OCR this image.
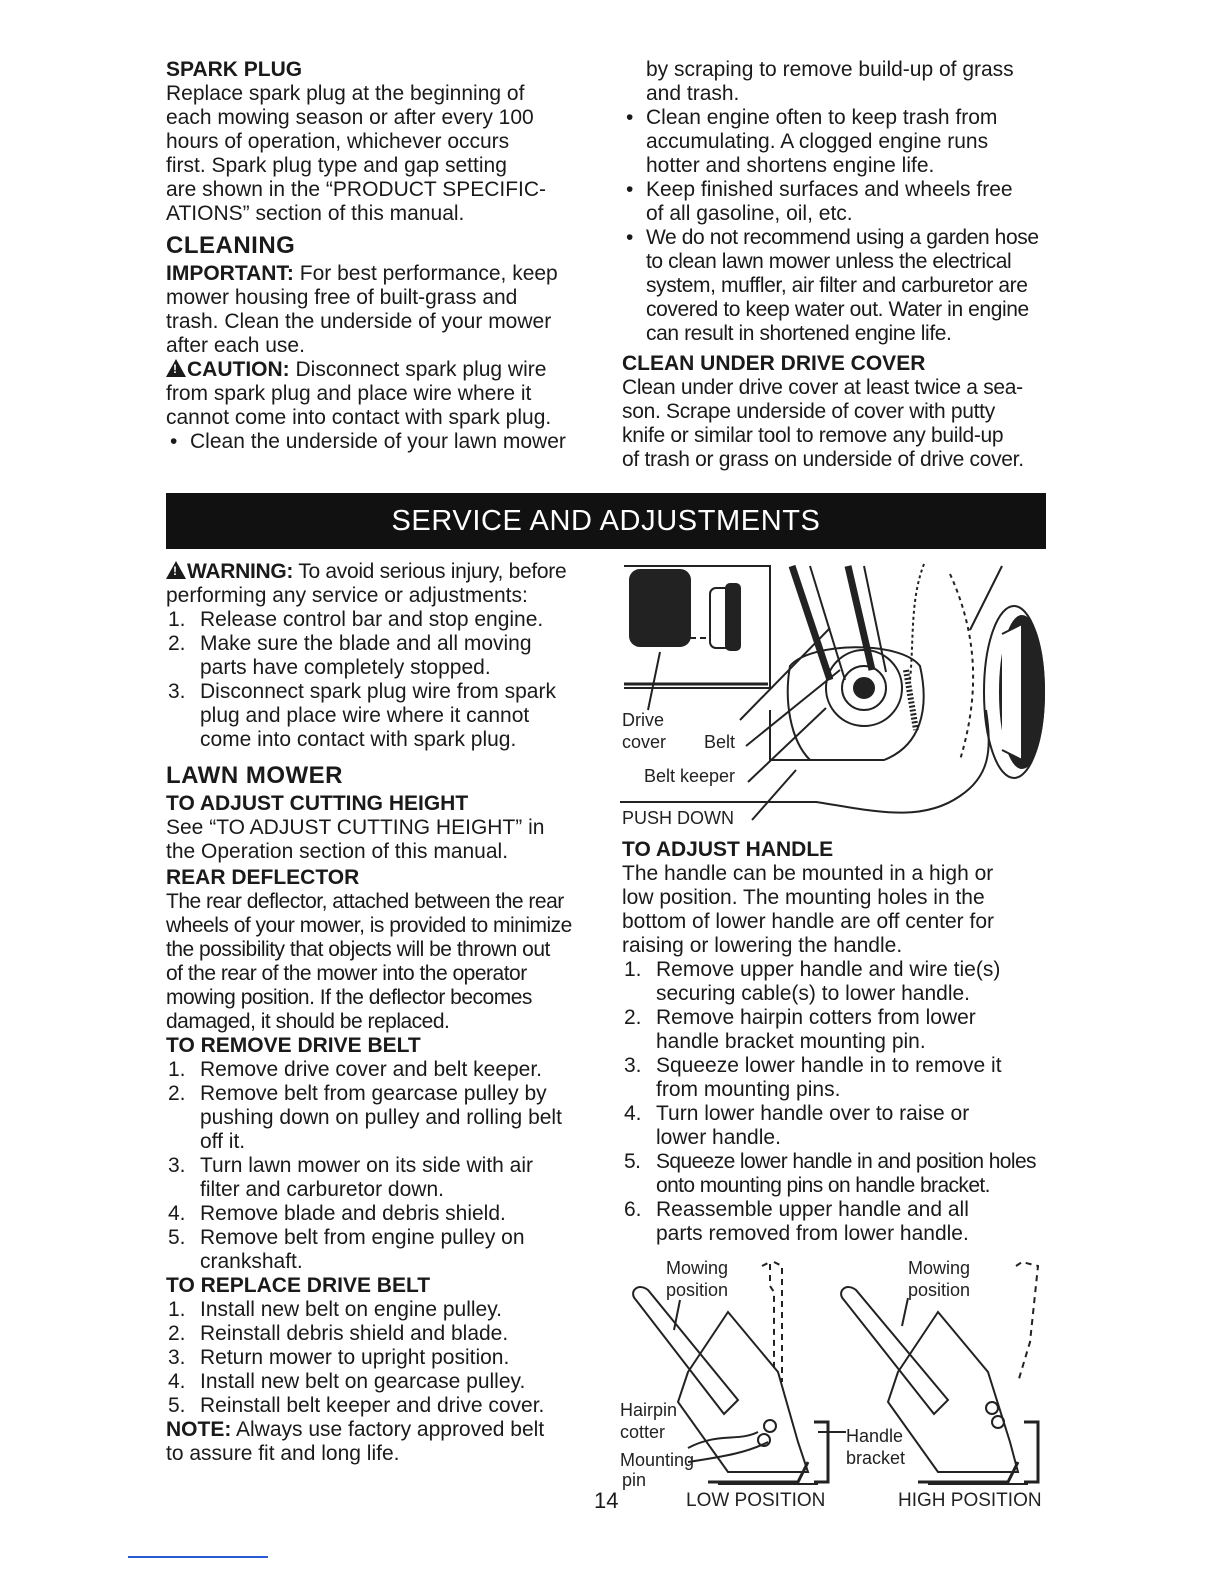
SPARK PLUG

Replace spark plug at the beginning of

each mowing season or after every 100

hours of operation, whichever occurs

first. Spark plug type and gap setting

are shown in the “PRODUCT SPECIFIC-

ATIONS” section of this manual.

CLEANING

IMPORTANT: For best performance, keep

mower housing free of built-grass and

trash. Clean the underside of your mower

after each use.

!CAUTION: Disconnect spark plug wire

from spark plug and place wire where it

cannot come into contact with spark plug.

• Clean the underside of your lawn mower

by scraping to remove build-up of grass

and trash.

• Clean engine often to keep trash from
accumulating. A clogged engine runs
hotter and shortens engine life.
• Keep finished surfaces and wheels free
of all gasoline, oil, etc.
• We do not recommend using a garden hose
to clean lawn mower unless the electrical
system, muffler, air filter and carburetor are
covered to keep water out. Water in engine
can result in shortened engine life.
CLEAN UNDER DRIVE COVER

Clean under drive cover at least twice a sea-

son. Scrape underside of cover with putty

knife or similar tool to remove any build-up

of trash or grass on underside of drive cover.

SERVICE AND ADJUSTMENTS

!WARNING: To avoid serious injury, before

performing any service or adjustments:

1. Release control bar and stop engine.
2. Make sure the blade and all moving
parts have completely stopped.
3. Disconnect spark plug wire from spark
plug and place wire where it cannot
come into contact with spark plug.
LAWN MOWER
TO ADJUST CUTTING HEIGHT

See “TO ADJUST CUTTING HEIGHT” in

the Operation section of this manual.

REAR DEFLECTOR

The rear deflector, attached between the rear

wheels of your mower, is provided to minimize

the possibility that objects will be thrown out

of the rear of the mower into the operator

mowing position. If the deflector becomes

damaged, it should be replaced.

TO REMOVE DRIVE BELT
1. Remove drive cover and belt keeper.
2. Remove belt from gearcase pulley by
pushing down on pulley and rolling belt
off it.
3. Turn lawn mower on its side with air
filter and carburetor down.
4. Remove blade and debris shield.
5. Remove belt from engine pulley on
crankshaft.
TO REPLACE DRIVE BELT
1. Install new belt on engine pulley.
2. Reinstall debris shield and blade.
3. Return mower to upright position.
4. Install new belt on gearcase pulley.
5. Reinstall belt keeper and drive cover.

NOTE: Always use factory approved belt

to assure fit and long life.

Drive
cover Belt
Belt keeper
PUSH DOWN
TO ADJUST HANDLE

The handle can be mounted in a high or

low position. The mounting holes in the

bottom of lower handle are off center for

raising or lowering the handle.

1. Remove upper handle and wire tie(s)
securing cable(s) to lower handle.
2. Remove hairpin cotters from lower
handle bracket mounting pin.
3. Squeeze lower handle in to remove it
from mounting pins.
4. Turn lower handle over to raise or
lower handle.
5. Squeeze lower handle in and position holes
onto mounting pins on handle bracket.
6. Reassemble upper handle and all
parts removed from lower handle.
Mowing
position
Mowing
position
Hairpin
cotter
Mounting
pin
Handle
bracket
LOW POSITION	HIGH POSITION
14
